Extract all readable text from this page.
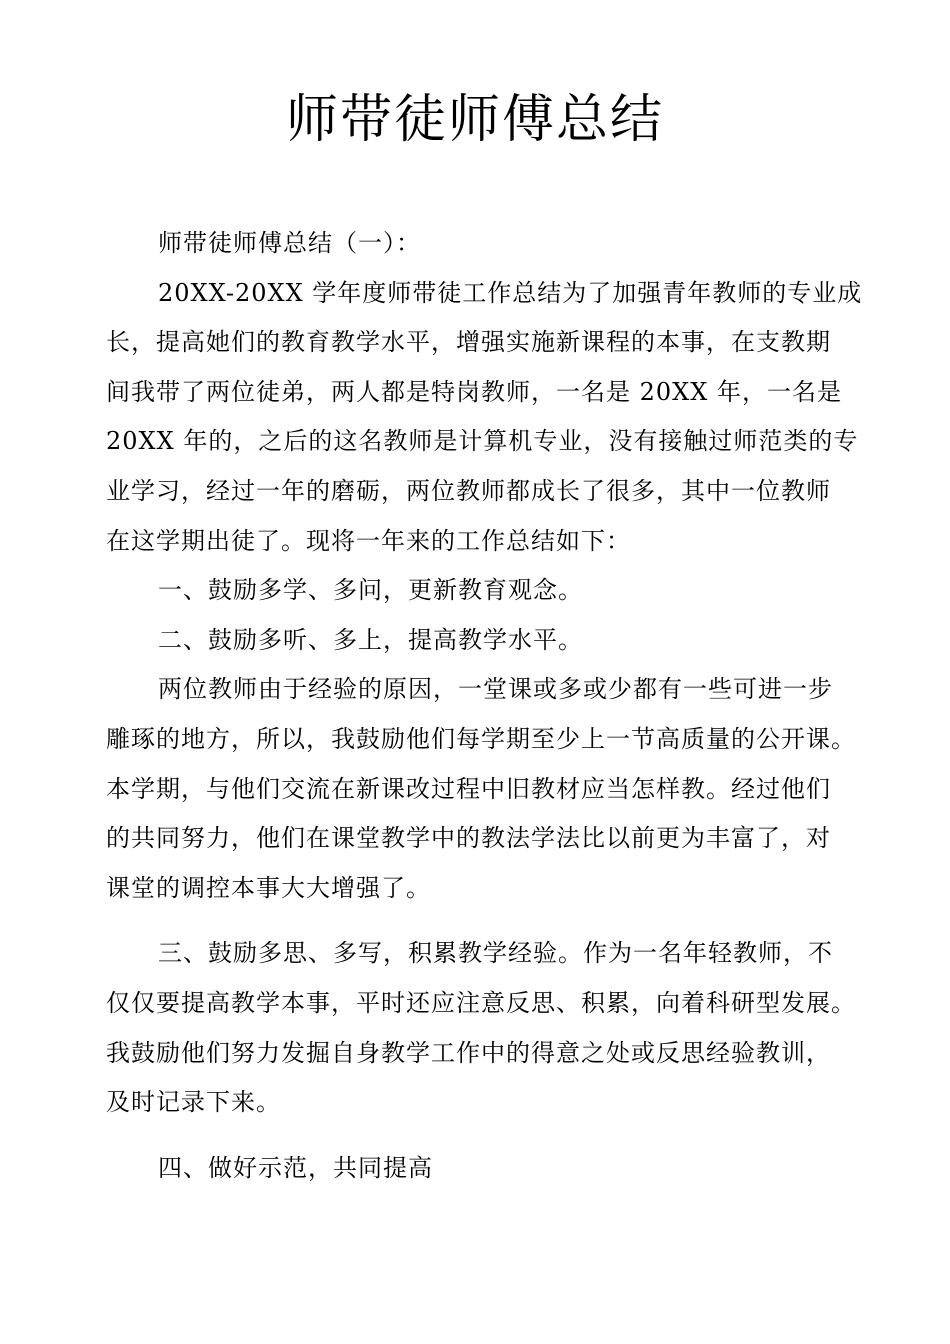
师带徒师傅总结
师带徒师傅总结（一）：
20XX-20XX 学年度师带徒工作总结为了加强青年教师的专业成
长，提高她们的教育教学水平，增强实施新课程的本事，在支教期
间我带了两位徒弟，两人都是特岗教师，一名是 20XX 年，一名是
20XX 年的，之后的这名教师是计算机专业，没有接触过师范类的专
业学习，经过一年的磨砺，两位教师都成长了很多，其中一位教师
在这学期出徒了。现将一年来的工作总结如下：
一、鼓励多学、多问，更新教育观念。
二、鼓励多听、多上，提高教学水平。
两位教师由于经验的原因，一堂课或多或少都有一些可进一步
雕琢的地方，所以，我鼓励他们每学期至少上一节高质量的公开课。
本学期，与他们交流在新课改过程中旧教材应当怎样教。经过他们
的共同努力，他们在课堂教学中的教法学法比以前更为丰富了，对
课堂的调控本事大大增强了。
三、鼓励多思、多写，积累教学经验。作为一名年轻教师，不
仅仅要提高教学本事，平时还应注意反思、积累，向着科研型发展。
我鼓励他们努力发掘自身教学工作中的得意之处或反思经验教训，
及时记录下来。
四、做好示范，共同提高
